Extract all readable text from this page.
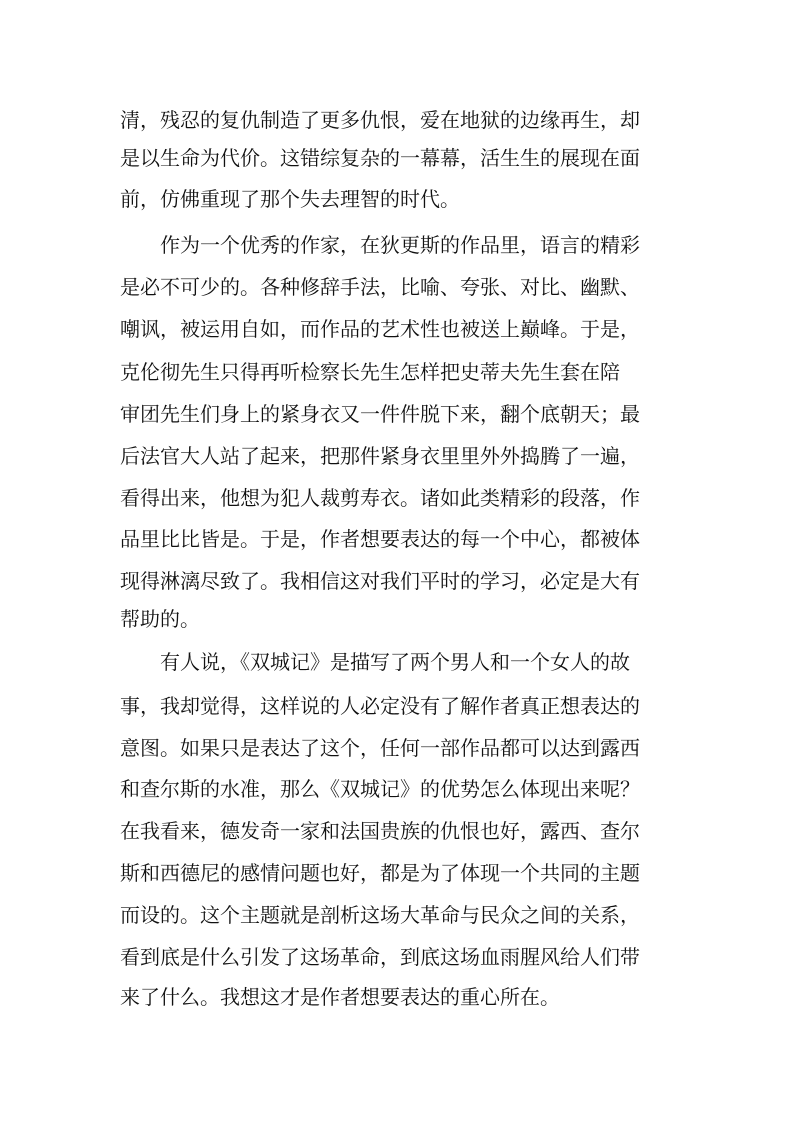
清，残忍的复仇制造了更多仇恨，爱在地狱的边缘再生，却
是以生命为代价。这错综复杂的一幕幕，活生生的展现在面
前，仿佛重现了那个失去理智的时代。
作为一个优秀的作家，在狄更斯的作品里，语言的精彩
是必不可少的。各种修辞手法，比喻、夸张、对比、幽默、
嘲讽，被运用自如，而作品的艺术性也被送上巅峰。于是，
克伦彻先生只得再听检察长先生怎样把史蒂夫先生套在陪
审团先生们身上的紧身衣又一件件脱下来，翻个底朝天；最
后法官大人站了起来，把那件紧身衣里里外外捣腾了一遍，
看得出来，他想为犯人裁剪寿衣。诸如此类精彩的段落，作
品里比比皆是。于是，作者想要表达的每一个中心，都被体
现得淋漓尽致了。我相信这对我们平时的学习，必定是大有
帮助的。
有人说，《双城记》是描写了两个男人和一个女人的故
事，我却觉得，这样说的人必定没有了解作者真正想表达的
意图。如果只是表达了这个，任何一部作品都可以达到露西
和查尔斯的水准，那么《双城记》的优势怎么体现出来呢？
在我看来，德发奇一家和法国贵族的仇恨也好，露西、查尔
斯和西德尼的感情问题也好，都是为了体现一个共同的主题
而设的。这个主题就是剖析这场大革命与民众之间的关系，
看到底是什么引发了这场革命，到底这场血雨腥风给人们带
来了什么。我想这才是作者想要表达的重心所在。
